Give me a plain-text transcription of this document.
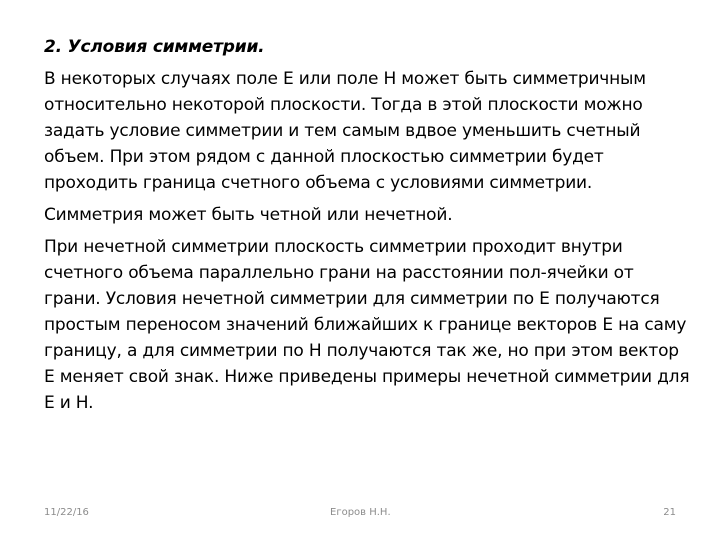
2. Условия симметрии.

В некоторых случаях поле E или поле H может быть симметричным относительно некоторой плоскости. Тогда в этой плоскости можно задать условие симметрии и тем самым вдвое уменьшить счетный объем. При этом рядом с данной плоскостью симметрии будет проходить граница счетного объема с условиями симметрии.

Симметрия может быть четной или нечетной.

При нечетной симметрии плоскость симметрии проходит внутри счетного объема параллельно грани на расстоянии пол-ячейки от грани. Условия нечетной симметрии для симметрии по E получаются простым переносом значений ближайших к границе векторов E на саму границу, а для симметрии по H получаются так же, но при этом вектор E меняет свой знак. Ниже приведены примеры нечетной симметрии для E и H.

11/22/16	Егоров Н.Н.	21
